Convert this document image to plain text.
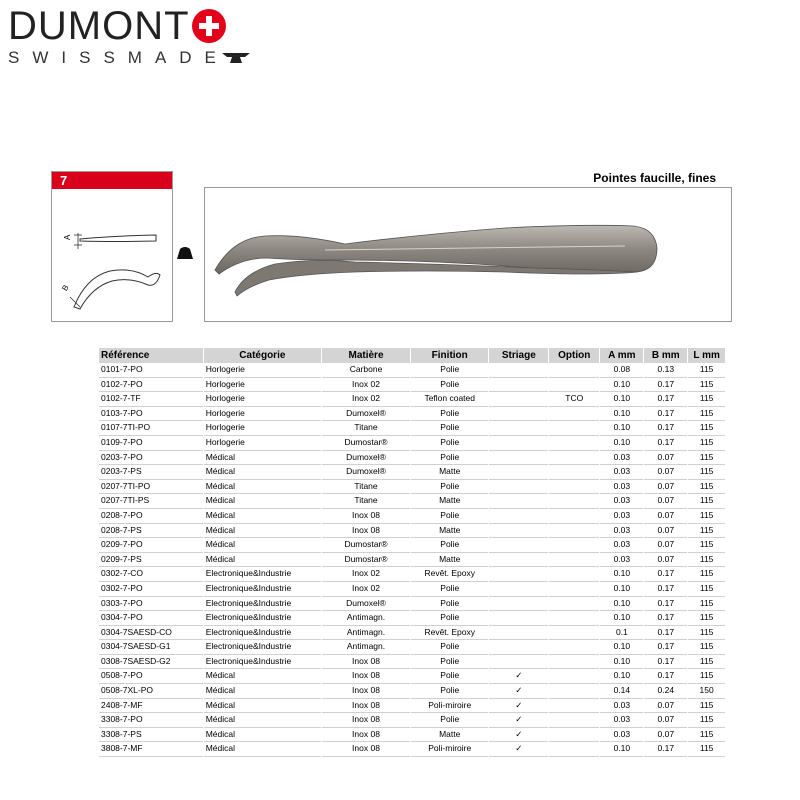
DUMONT
SWISSMADE
7
A
B
Pointes faucille, fines
Référence	Catégorie	Matière	Finition	Striage	Option	A mm	B mm	L mm
0101-7-PO	Horlogerie	Carbone	Polie			0.08	0.13	115
0102-7-PO	Horlogerie	Inox 02	Polie			0.10	0.17	115
0102-7-TF	Horlogerie	Inox 02	Teflon coated		TCO	0.10	0.17	115
0103-7-PO	Horlogerie	Dumoxel®	Polie			0.10	0.17	115
0107-7TI-PO	Horlogerie	Titane	Polie			0.10	0.17	115
0109-7-PO	Horlogerie	Dumostar®	Polie			0.10	0.17	115
0203-7-PO	Médical	Dumoxel®	Polie			0.03	0.07	115
0203-7-PS	Médical	Dumoxel®	Matte			0.03	0.07	115
0207-7TI-PO	Médical	Titane	Polie			0.03	0.07	115
0207-7TI-PS	Médical	Titane	Matte			0.03	0.07	115
0208-7-PO	Médical	Inox 08	Polie			0.03	0.07	115
0208-7-PS	Médical	Inox 08	Matte			0.03	0.07	115
0209-7-PO	Médical	Dumostar®	Polie			0.03	0.07	115
0209-7-PS	Médical	Dumostar®	Matte			0.03	0.07	115
0302-7-CO	Electronique&Industrie	Inox 02	Revêt. Epoxy			0.10	0.17	115
0302-7-PO	Electronique&Industrie	Inox 02	Polie			0.10	0.17	115
0303-7-PO	Electronique&Industrie	Dumoxel®	Polie			0.10	0.17	115
0304-7-PO	Electronique&Industrie	Antimagn.	Polie			0.10	0.17	115
0304-7SAESD-CO	Electronique&Industrie	Antimagn.	Revêt. Epoxy			0.1	0.17	115
0304-7SAESD-G1	Electronique&Industrie	Antimagn.	Polie			0.10	0.17	115
0308-7SAESD-G2	Electronique&Industrie	Inox 08	Polie			0.10	0.17	115
0508-7-PO	Médical	Inox 08	Polie	✓		0.10	0.17	115
0508-7XL-PO	Médical	Inox 08	Polie	✓		0.14	0.24	150
2408-7-MF	Médical	Inox 08	Poli-miroire	✓		0.03	0.07	115
3308-7-PO	Médical	Inox 08	Polie	✓		0.03	0.07	115
3308-7-PS	Médical	Inox 08	Matte	✓		0.03	0.07	115
3808-7-MF	Médical	Inox 08	Poli-miroire	✓		0.10	0.17	115
